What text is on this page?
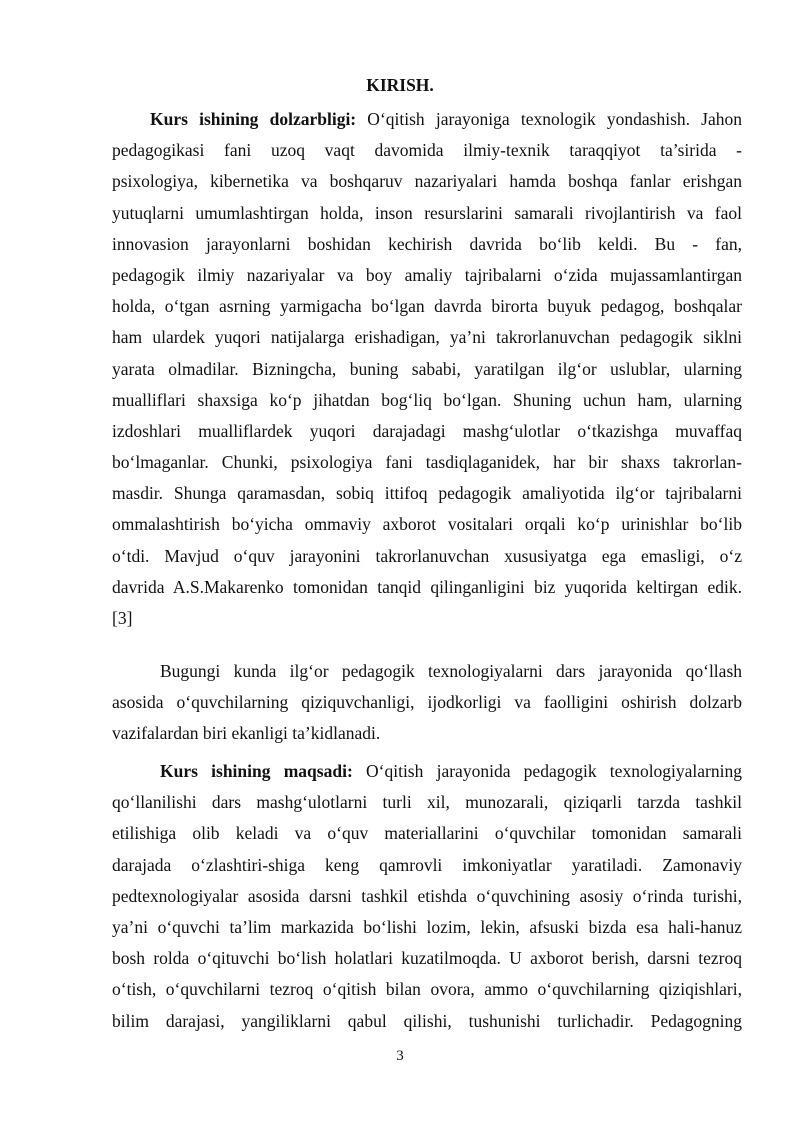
KIRISH.
Kurs ishining dolzarbligi: O‘qitish jarayoniga texnologik yondashish. Jahon
pedagogikasi fani uzoq vaqt davomida ilmiy-texnik taraqqiyot ta’sirida -
psixologiya, kibernetika va boshqaruv nazariyalari hamda boshqa fanlar erishgan
yutuqlarni umumlashtirgan holda, inson resurslarini samarali rivojlantirish va faol
innovasion jarayonlarni boshidan kechirish davrida bo‘lib keldi. Bu - fan,
pedagogik ilmiy nazariyalar va boy amaliy tajribalarni o‘zida mujassamlantirgan
holda, o‘tgan asrning yarmigacha bo‘lgan davrda birorta buyuk pedagog, boshqalar
ham ulardek yuqori natijalarga erishadigan, ya’ni takrorlanuvchan pedagogik siklni
yarata olmadilar. Bizningcha, buning sababi, yaratilgan ilg‘or uslublar, ularning
mualliflari shaxsiga ko‘p jihatdan bog‘liq bo‘lgan. Shuning uchun ham, ularning
izdoshlari mualliflardek yuqori darajadagi mashg‘ulotlar o‘tkazishga muvaffaq
bo‘lmaganlar. Chunki, psixologiya fani tasdiqlaganidek, har bir shaxs takrorlan-
masdir. Shunga qaramasdan, sobiq ittifoq pedagogik amaliyotida ilg‘or tajribalarni
ommalashtirish bo‘yicha ommaviy axborot vositalari orqali ko‘p urinishlar bo‘lib
o‘tdi. Mavjud o‘quv jarayonini takrorlanuvchan xususiyatga ega emasligi, o‘z
davrida A.S.Makarenko tomonidan tanqid qilinganligini biz yuqorida keltirgan edik.
[3]
Bugungi kunda ilg‘or pedagogik texnologiyalarni dars jarayonida qo‘llash
asosida o‘quvchilarning qiziquvchanligi, ijodkorligi va faolligini oshirish dolzarb
vazifalardan biri ekanligi ta’kidlanadi.
Kurs ishining maqsadi: O‘qitish jarayonida pedagogik texnologiyalarning
qo‘llanilishi dars mashg‘ulotlarni turli xil, munozarali, qiziqarli tarzda tashkil
etilishiga olib keladi va o‘quv materiallarini o‘quvchilar tomonidan samarali
darajada o‘zlashtiri-shiga keng qamrovli imkoniyatlar yaratiladi. Zamonaviy
pedtexnologiyalar asosida darsni tashkil etishda o‘quvchining asosiy o‘rinda turishi,
ya’ni o‘quvchi ta’lim markazida bo‘lishi lozim, lekin, afsuski bizda esa hali-hanuz
bosh rolda o‘qituvchi bo‘lish holatlari kuzatilmoqda. U axborot berish, darsni tezroq
o‘tish, o‘quvchilarni tezroq o‘qitish bilan ovora, ammo o‘quvchilarning qiziqishlari,
bilim darajasi, yangiliklarni qabul qilishi, tushunishi turlichadir. Pedagogning
3
